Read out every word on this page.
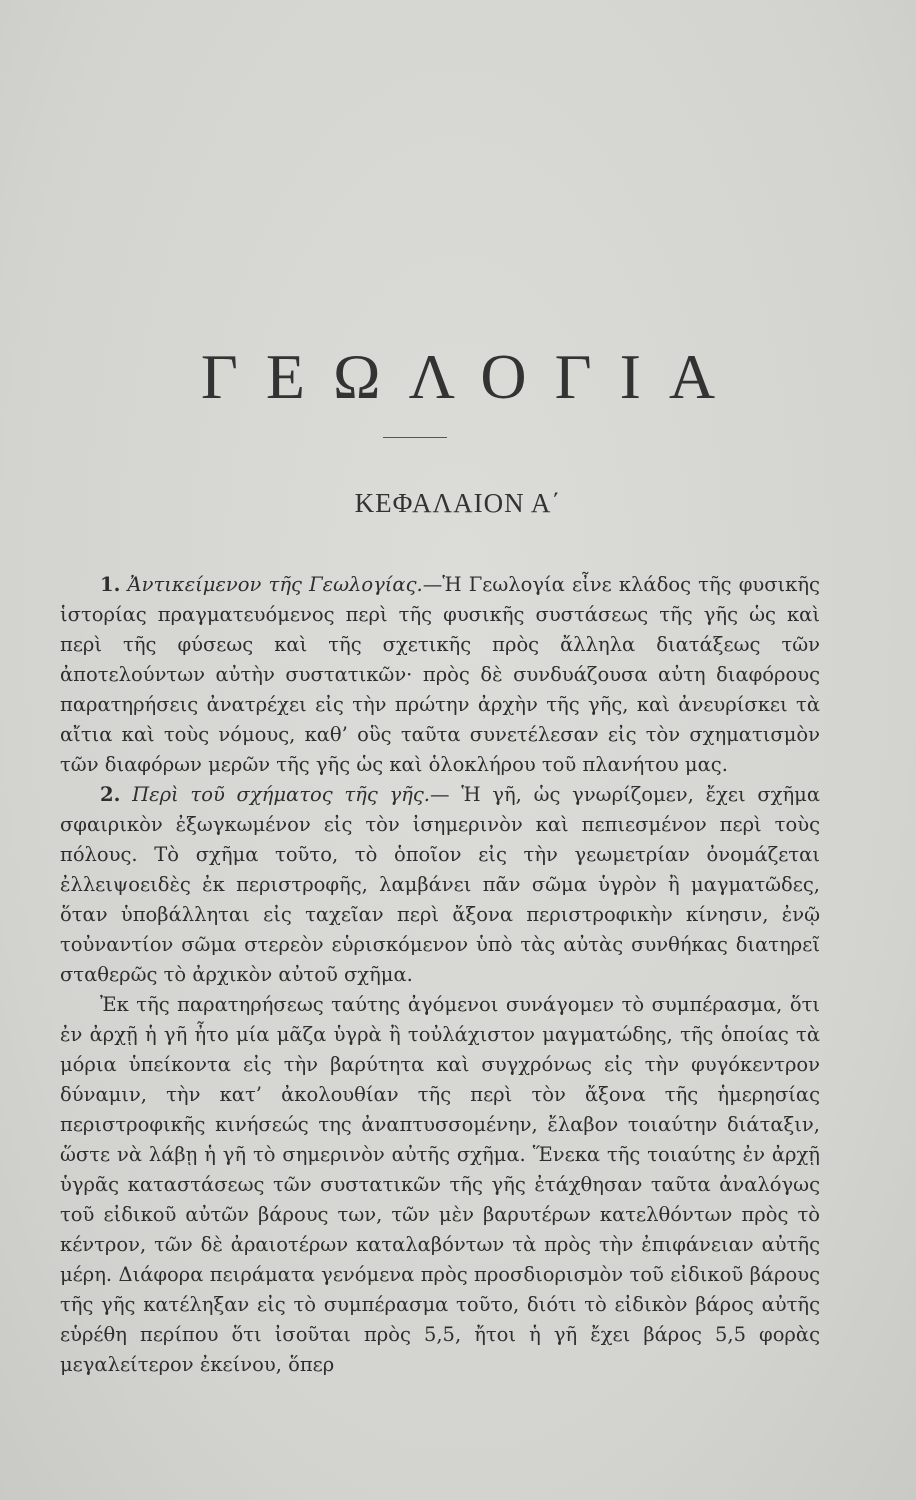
ΓΕΩΛΟΓΙΑ
ΚΕΦΑΛΑΙΟΝ Α΄

1. Ἀντικείμενον τῆς Γεωλογίας.—Ἡ Γεωλογία εἶνε κλάδος τῆς φυσικῆς ἱστορίας πραγματευόμενος περὶ τῆς φυσικῆς συστάσεως τῆς γῆς ὡς καὶ περὶ τῆς φύσεως καὶ τῆς σχετικῆς πρὸς ἄλληλα διατάξεως τῶν ἀποτελούντων αὐτὴν συστατικῶν· πρὸς δὲ συνδυάζουσα αὐτη διαφόρους παρατηρήσεις ἀνατρέχει εἰς τὴν πρώτην ἀρχὴν τῆς γῆς, καὶ ἀνευρίσκει τὰ αἴτια καὶ τοὺς νόμους, καθ’ οὓς ταῦτα συνετέλεσαν εἰς τὸν σχηματισμὸν τῶν διαφόρων μερῶν τῆς γῆς ὡς καὶ ὁλοκλήρου τοῦ πλανήτου μας.

2. Περὶ τοῦ σχήματος τῆς γῆς.— Ἡ γῆ, ὡς γνωρίζομεν, ἔχει σχῆμα σφαιρικὸν ἐξωγκωμένον εἰς τὸν ἰσημερινὸν καὶ πεπιεσμένον περὶ τοὺς πόλους. Τὸ σχῆμα τοῦτο, τὸ ὁποῖον εἰς τὴν γεωμετρίαν ὀνομάζεται ἐλλειψοειδὲς ἐκ περιστροφῆς, λαμβάνει πᾶν σῶμα ὑγρὸν ἢ μαγματῶδες, ὅταν ὑποβάλληται εἰς ταχεῖαν περὶ ἄξονα περιστροφικὴν κίνησιν, ἐνῷ τοὐναντίον σῶμα στερεὸν εὑρισκόμενον ὑπὸ τὰς αὐτὰς συνθήκας διατηρεῖ σταθερῶς τὸ ἀρχικὸν αὐτοῦ σχῆμα.

Ἐκ τῆς παρατηρήσεως ταύτης ἀγόμενοι συνάγομεν τὸ συμπέρασμα, ὅτι ἐν ἀρχῇ ἡ γῆ ἦτο μία μᾶζα ὑγρὰ ἢ τοὐλάχιστον μαγματώδης, τῆς ὁποίας τὰ μόρια ὑπείκοντα εἰς τὴν βαρύτητα καὶ συγχρόνως εἰς τὴν φυγόκεντρον δύναμιν, τὴν κατ’ ἀκολουθίαν τῆς περὶ τὸν ἄξονα τῆς ἡμερησίας περιστροφικῆς κινήσεώς της ἀναπτυσσομένην, ἔλαβον τοιαύτην διάταξιν, ὥστε νὰ λάβῃ ἡ γῆ τὸ σημερινὸν αὐτῆς σχῆμα. Ἕνεκα τῆς τοιαύτης ἐν ἀρχῇ ὑγρᾶς καταστάσεως τῶν συστατικῶν τῆς γῆς ἐτάχθησαν ταῦτα ἀναλόγως τοῦ εἰδικοῦ αὐτῶν βάρους των, τῶν μὲν βαρυτέρων κατελθόντων πρὸς τὸ κέντρον, τῶν δὲ ἀραιοτέρων καταλαβόντων τὰ πρὸς τὴν ἐπιφάνειαν αὐτῆς μέρη. Διάφορα πειράματα γενόμενα πρὸς προσδιορισμὸν τοῦ εἰδικοῦ βάρους τῆς γῆς κατέληξαν εἰς τὸ συμπέρασμα τοῦτο, διότι τὸ εἰδικὸν βάρος αὐτῆς εὑρέθη περίπου ὅτι ἰσοῦται πρὸς 5,5, ἤτοι ἡ γῆ ἔχει βάρος 5,5 φορὰς μεγαλείτερον ἐκείνου, ὅπερ
